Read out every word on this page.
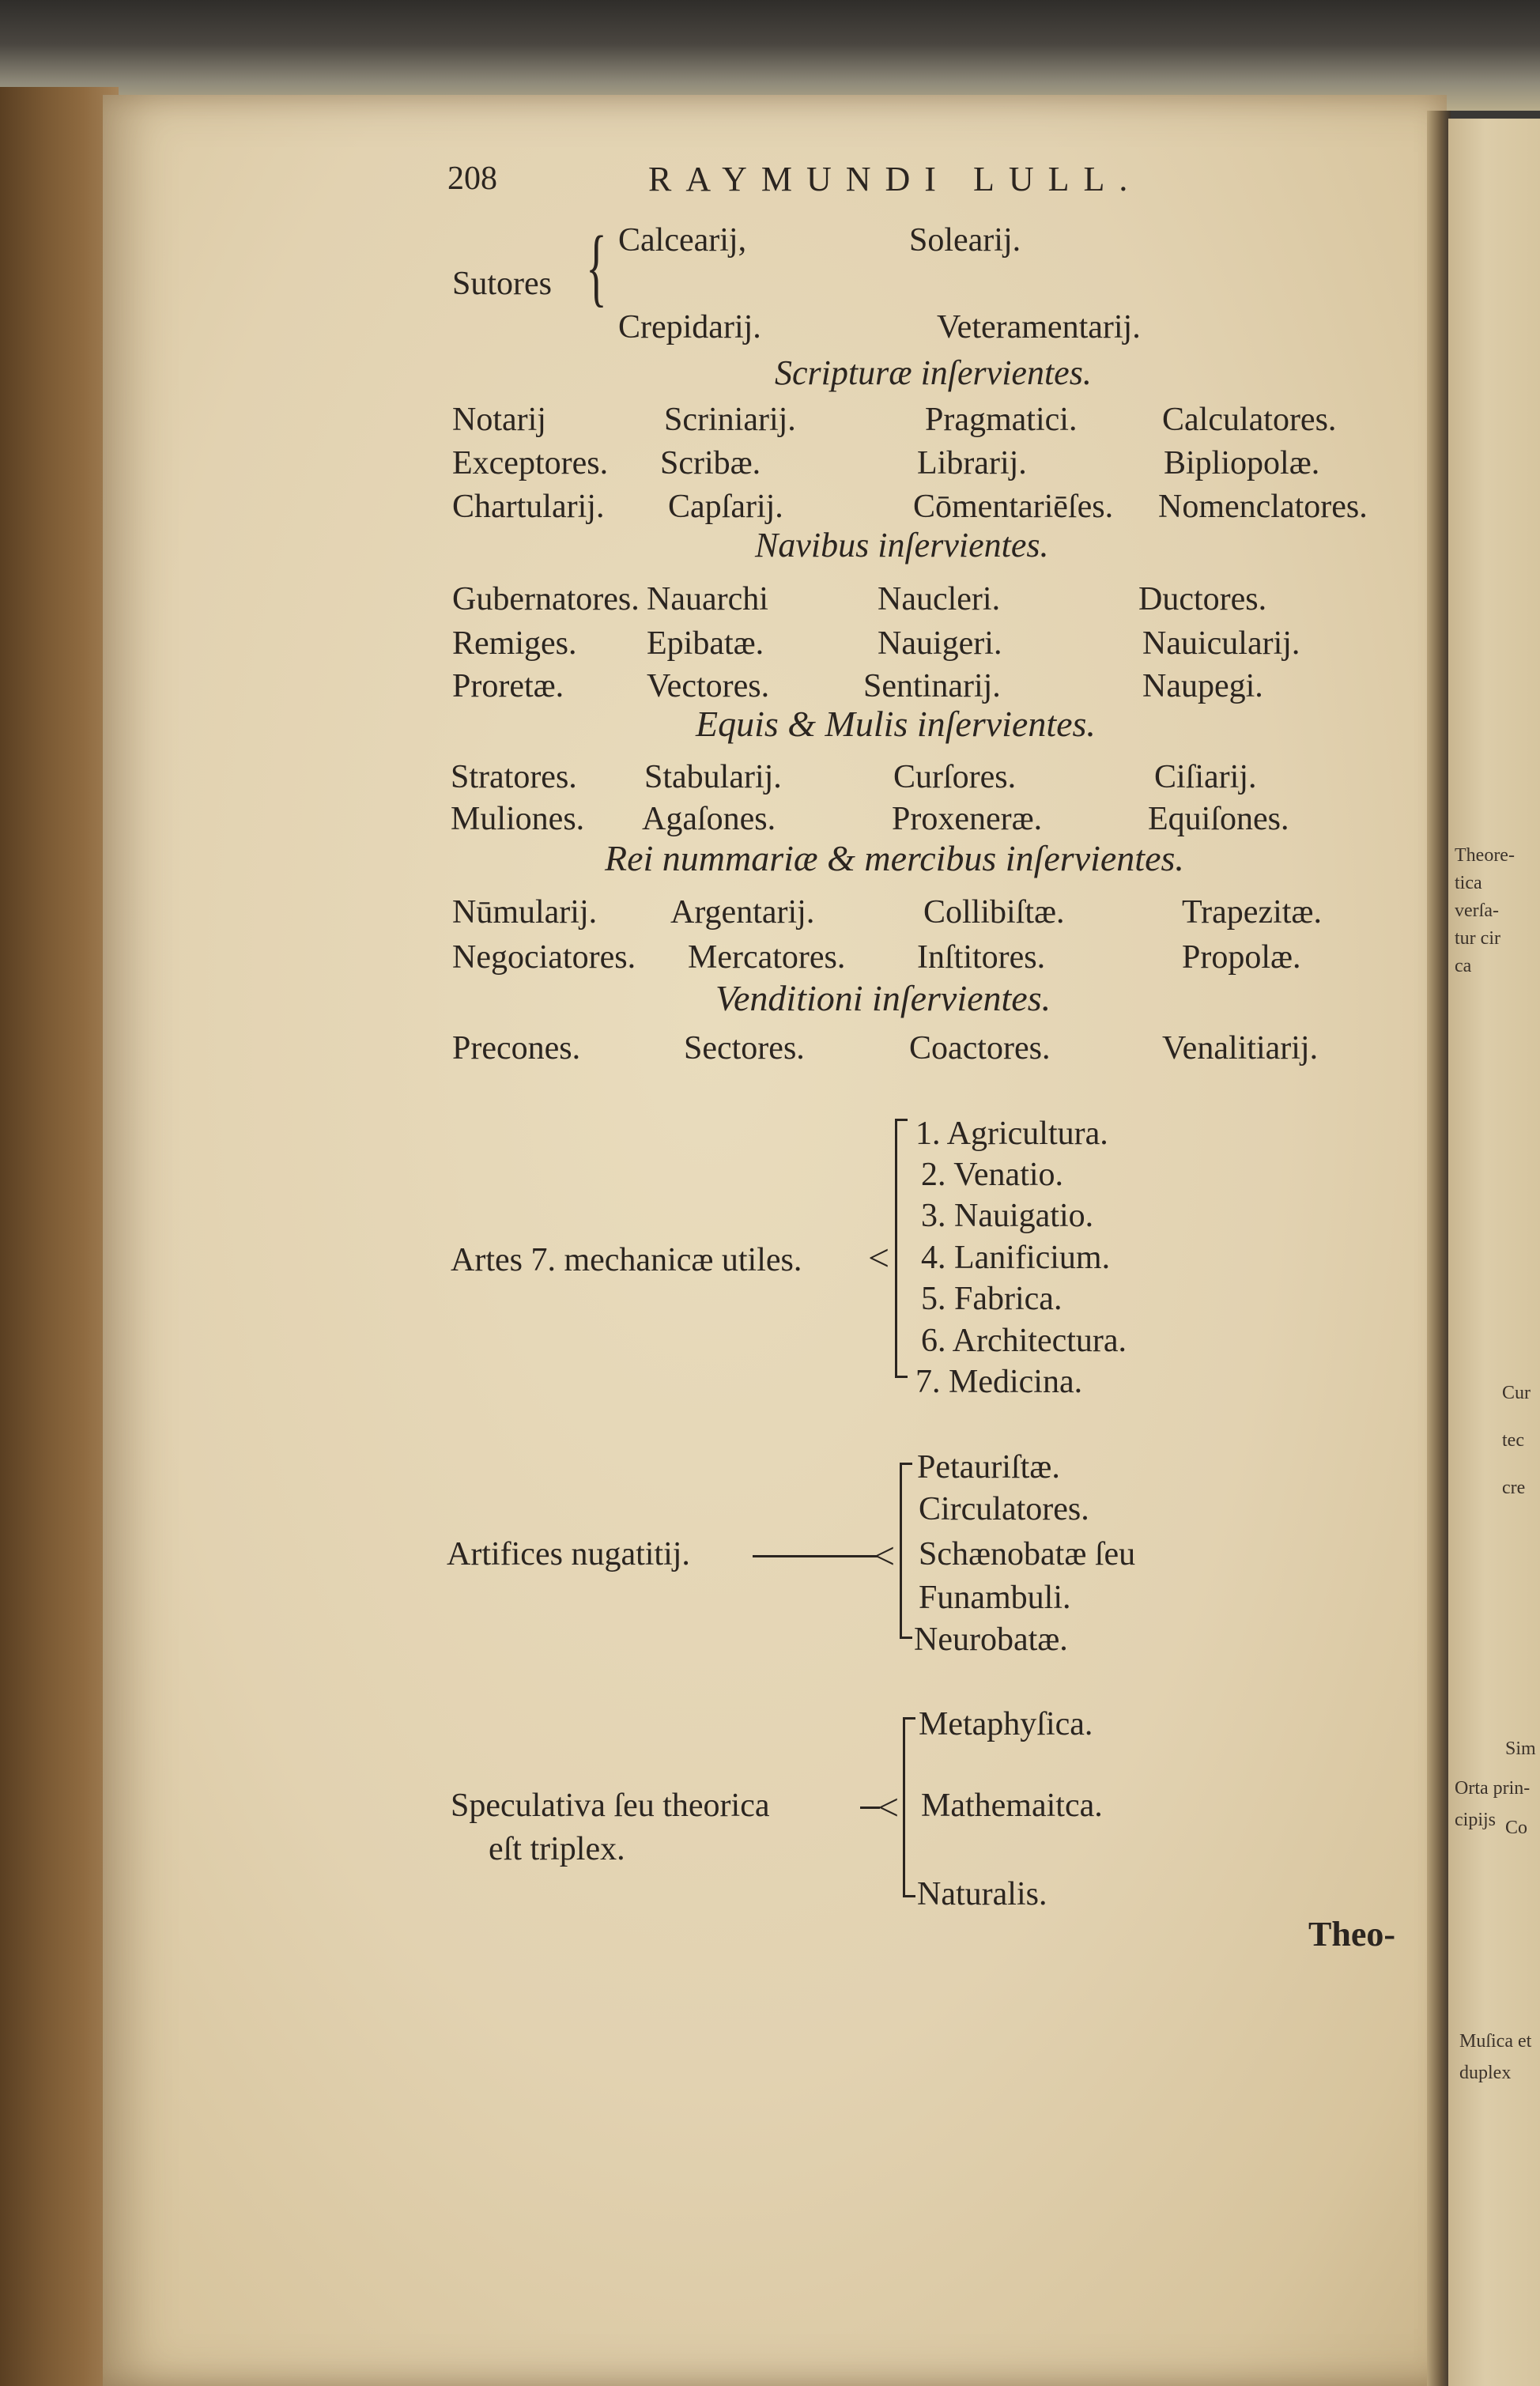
Theore-
tica
verſa-
tur cir
ca
Orta prin-
cipijs
Muſica et
duplex
Cur
tec
cre
Sim
Co
208	RAYMUNDI LULL.
Sutores { Calcearij,	Solearij.
Crepidarij.	Veteramentarij.
Scripturæ inſervientes.
Notarij	Scriniarij.	Pragmatici.	Calculatores.
Exceptores. Scribæ.	Librarij.	Bipliopolæ.
Chartularij. Capſarij.	Cōmentariēſes. Nomenclatores.
Navibus inſervientes.
Gubernatores. Nauarchi	Naucleri.	Ductores.
Remiges. Epibatæ.	Nauigeri.	Nauicularij.
Proretæ. Vectores.	Sentinarij.	Naupegi.
Equis & Mulis inſervientes.
Stratores. Stabularij.	Curſores.	Ciſiarij.
Muliones. Agaſones.	Proxeneræ.	Equiſones.
Rei nummariæ & mercibus inſervientes.
Nūmularij. Argentarij.	Collibiſtæ.	Trapezitæ.
Negociatores. Mercatores. Inſtitores.	Propolæ.
Venditioni inſervientes.
Precones.	Sectores.	Coactores.	Venalitiarij.
Artes 7. mechanicæ utiles. <
1. Agricultura.
2. Venatio.
3. Nauigatio.
4. Lanificium.
5. Fabrica.
6. Architectura.
7. Medicina.
Artifices nugatitij.	<
Petauriſtæ.
Circulatores.
Schænobatæ ſeu
Funambuli.
Neurobatæ.
Speculativa ſeu theorica
eſt triplex.
<
Metaphyſica.
Mathemaitca.
Naturalis.
Theo-
